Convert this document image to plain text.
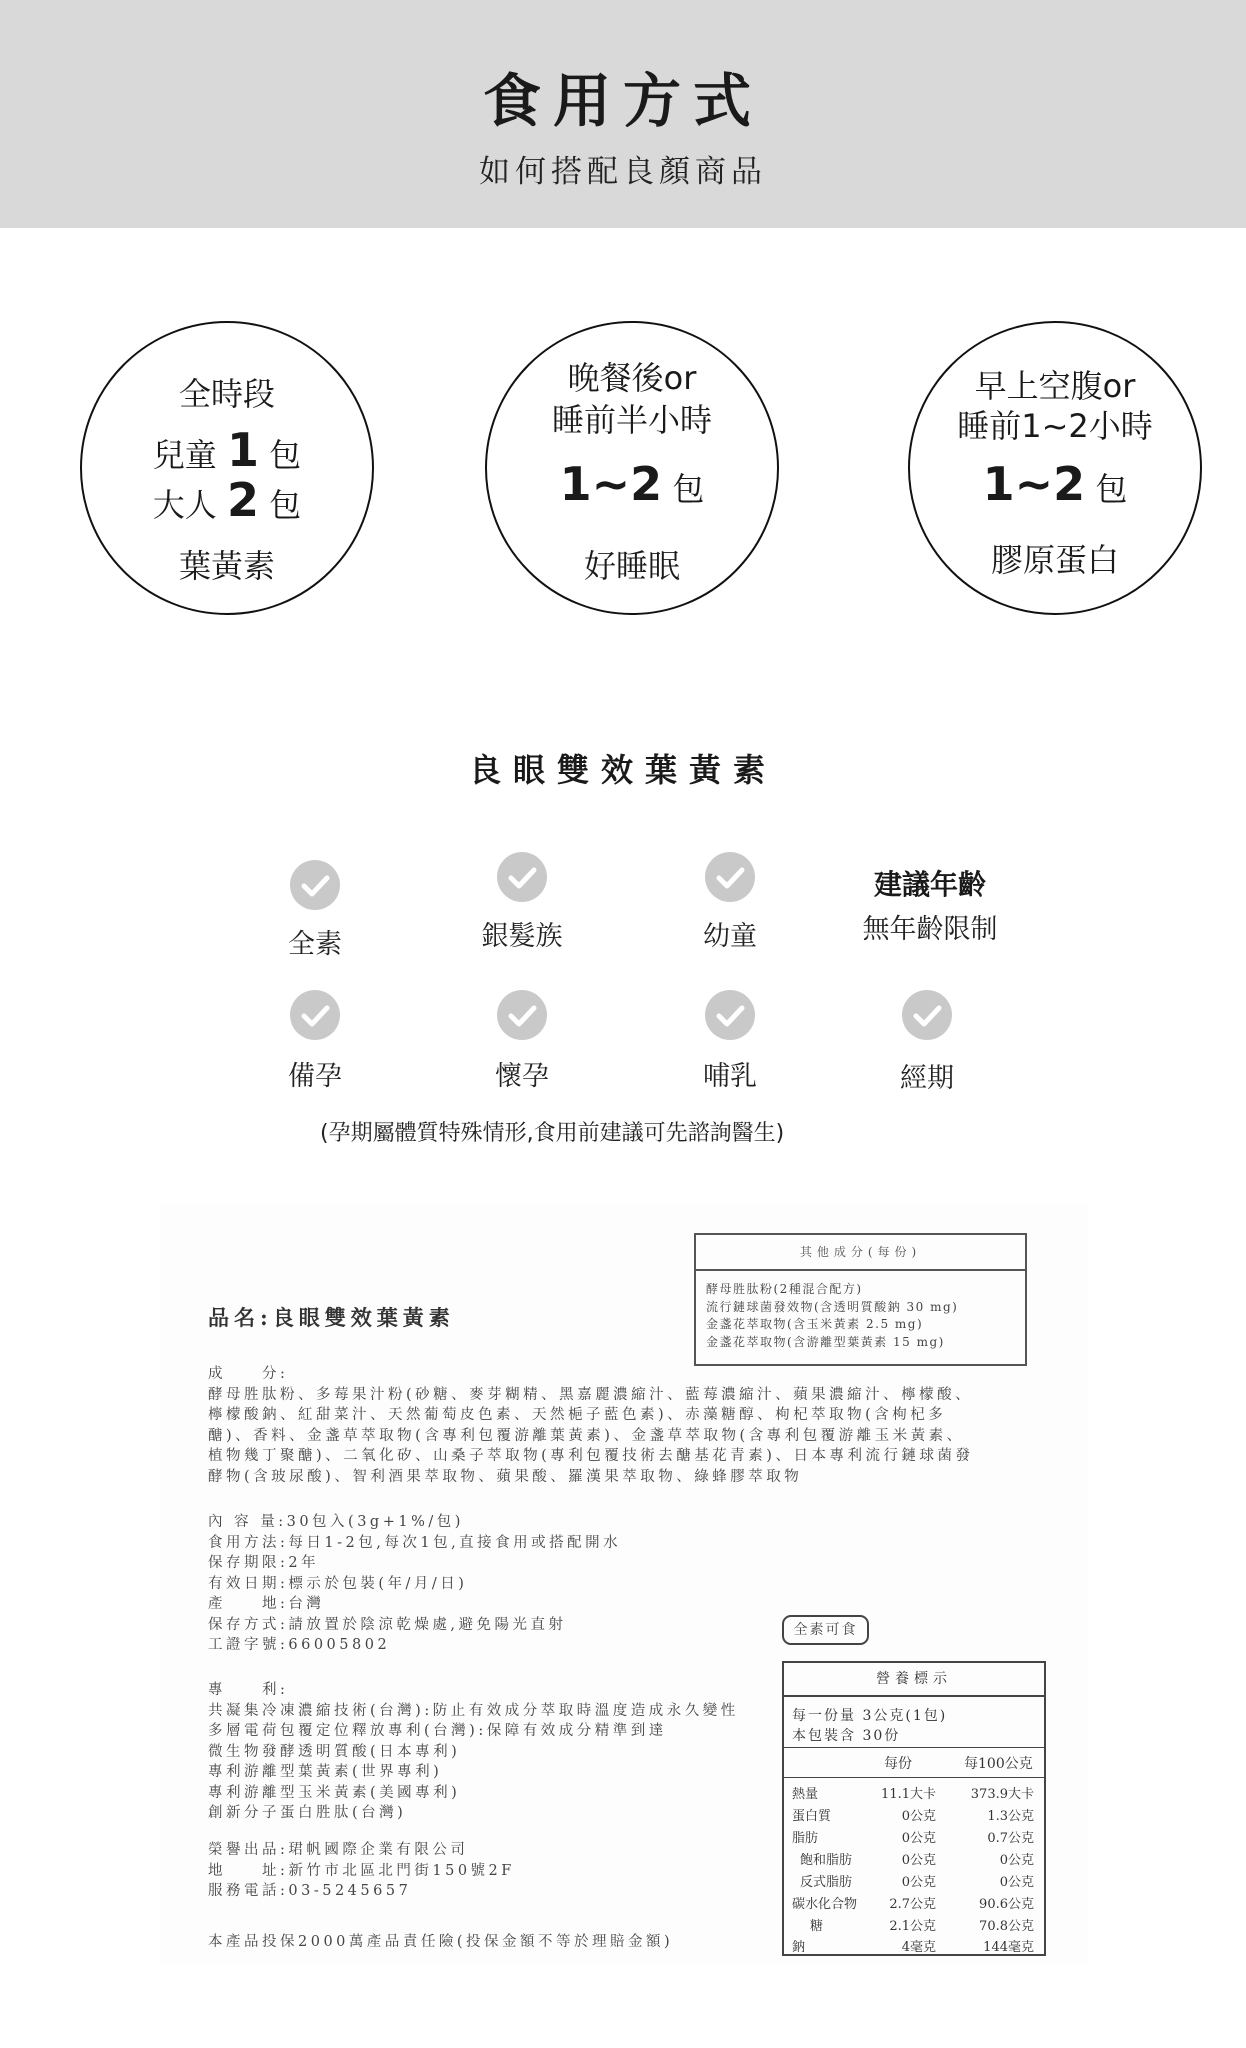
食用方式
如何搭配良顏商品
全時段
兒童 1 包
大人 2 包
葉黃素
晚餐後or
睡前半小時
1~2 包
好睡眠
早上空腹or
睡前1~2小時
1~2 包
膠原蛋白
良眼雙效葉黃素
全素	銀髮族	幼童
建議年齡
無年齡限制
備孕	懷孕	哺乳	經期
(孕期屬體質特殊情形,食用前建議可先諮詢醫生)
其他成分(每份)
酵母胜肽粉(2種混合配方)
流行鏈球菌發效物(含透明質酸鈉 30 mg)
金盞花萃取物(含玉米黃素 2.5 mg)
金盞花萃取物(含游離型葉黃素 15 mg)
品名:良眼雙效葉黃素
成　　分:
酵母胜肽粉、多莓果汁粉(砂糖、麥芽糊精、黑嘉麗濃縮汁、藍莓濃縮汁、蘋果濃縮汁、檸檬酸、
檸檬酸鈉、紅甜菜汁、天然葡萄皮色素、天然梔子藍色素)、赤藻糖醇、枸杞萃取物(含枸杞多
醣)、香料、金盞草萃取物(含專利包覆游離葉黃素)、金盞草萃取物(含專利包覆游離玉米黃素、
植物幾丁聚醣)、二氧化矽、山桑子萃取物(專利包覆技術去醣基花青素)、日本專利流行鏈球菌發
酵物(含玻尿酸)、智利酒果萃取物、蘋果酸、羅漢果萃取物、綠蜂膠萃取物
內 容 量:30包入(3g+1%/包)
食用方法:每日1-2包,每次1包,直接食用或搭配開水
保存期限:2年
有效日期:標示於包裝(年/月/日)
產　　地:台灣
保存方式:請放置於陰涼乾燥處,避免陽光直射
工證字號:66005802
專　　利:
共凝集冷凍濃縮技術(台灣):防止有效成分萃取時溫度造成永久變性
多層電荷包覆定位釋放專利(台灣):保障有效成分精準到達
微生物發酵透明質酸(日本專利)
專利游離型葉黃素(世界專利)
專利游離型玉米黃素(美國專利)
創新分子蛋白胜肽(台灣)
榮譽出品:珺帆國際企業有限公司
地　　址:新竹市北區北門街150號2F
服務電話:03-5245657
本產品投保2000萬產品責任險(投保金額不等於理賠金額)
全素可食
營養標示
每一份量 3公克(1包)
本包裝含 30份
每份	每100公克
熱量	11.1大卡	373.9大卡
蛋白質	0公克	1.3公克
脂肪	0公克	0.7公克
飽和脂肪	0公克	0公克
反式脂肪	0公克	0公克
碳水化合物 2.7公克	90.6公克
糖	2.1公克	70.8公克
鈉	4毫克	144毫克
